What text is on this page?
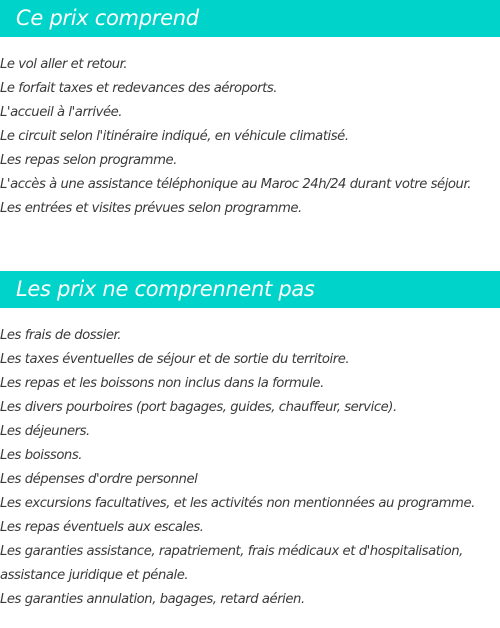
Ce prix comprend
Le vol aller et retour.
Le forfait taxes et redevances des aéroports.
L'accueil à l'arrivée.
Le circuit selon l'itinéraire indiqué, en véhicule climatisé.
Les repas selon programme.
L'accès à une assistance téléphonique au Maroc 24h/24 durant votre séjour.
Les entrées et visites prévues selon programme.
Les prix ne comprennent pas
Les frais de dossier.
Les taxes éventuelles de séjour et de sortie du territoire.
Les repas et les boissons non inclus dans la formule.
Les divers pourboires (port bagages, guides, chauffeur, service).
Les déjeuners.
Les boissons.
Les dépenses d'ordre personnel
Les excursions facultatives, et les activités non mentionnées au programme.
Les repas éventuels aux escales.
Les garanties assistance, rapatriement, frais médicaux et d'hospitalisation,
assistance juridique et pénale.
Les garanties annulation, bagages, retard aérien.
